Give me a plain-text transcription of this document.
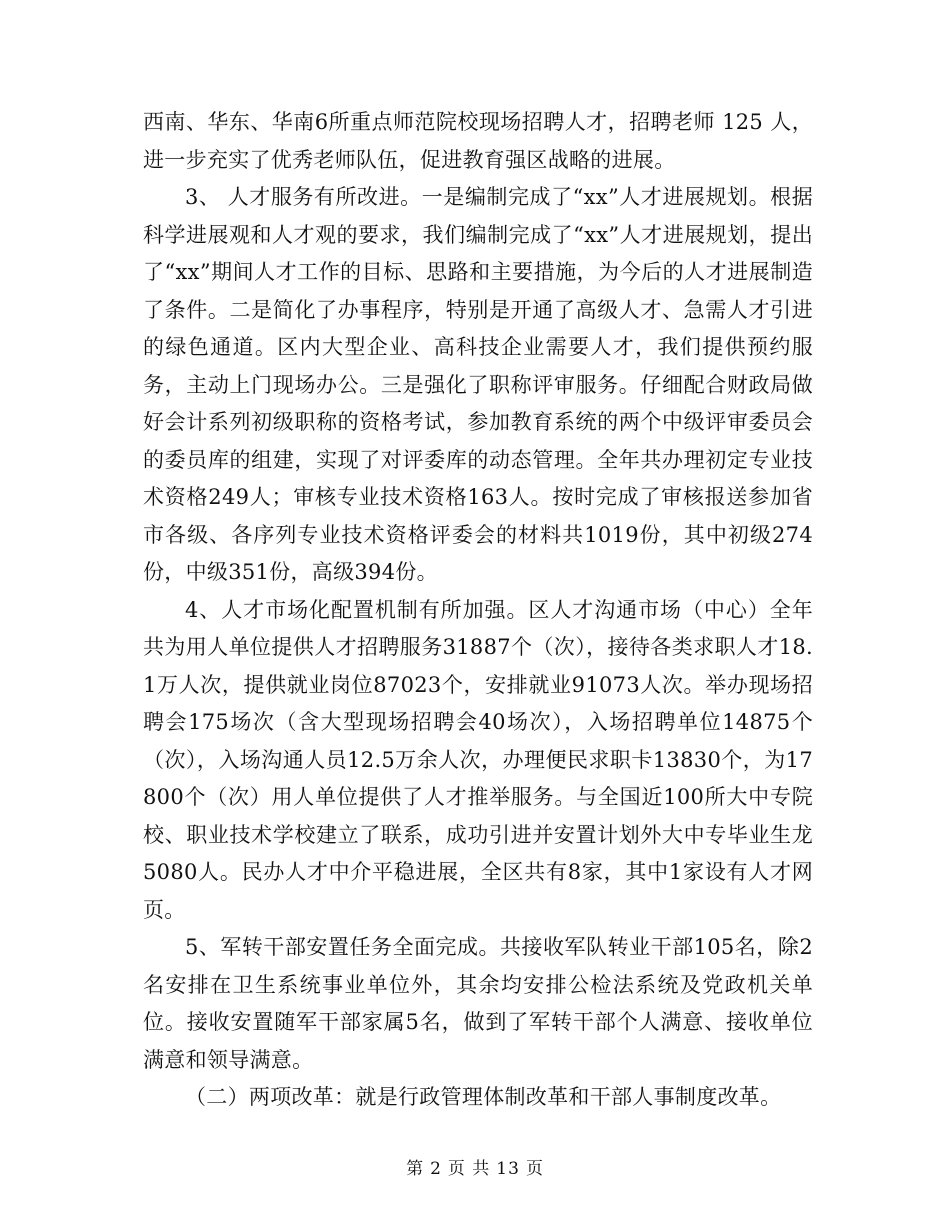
西南、华东、华南6所重点师范院校现场招聘人才，招聘老师 125 人，进一步充实了优秀老师队伍，促进教育强区战略的进展。

3、 人才服务有所改进。一是编制完成了“xx”人才进展规划。根据科学进展观和人才观的要求，我们编制完成了“xx”人才进展规划，提出了“xx”期间人才工作的目标、思路和主要措施，为今后的人才进展制造了条件。二是简化了办事程序，特别是开通了高级人才、急需人才引进的绿色通道。区内大型企业、高科技企业需要人才，我们提供预约服务，主动上门现场办公。三是强化了职称评审服务。仔细配合财政局做好会计系列初级职称的资格考试，参加教育系统的两个中级评审委员会的委员库的组建，实现了对评委库的动态管理。全年共办理初定专业技术资格249人；审核专业技术资格163人。按时完成了审核报送参加省市各级、各序列专业技术资格评委会的材料共1019份，其中初级274份，中级351份，高级394份。

4、人才市场化配置机制有所加强。区人才沟通市场（中心）全年共为用人单位提供人才招聘服务31887个（次），接待各类求职人才18.1万人次，提供就业岗位87023个，安排就业91073人次。举办现场招聘会175场次（含大型现场招聘会40场次），入场招聘单位14875个（次），入场沟通人员12.5万余人次，办理便民求职卡13830个，为17800个（次）用人单位提供了人才推举服务。与全国近100所大中专院校、职业技术学校建立了联系，成功引进并安置计划外大中专毕业生龙5080人。民办人才中介平稳进展，全区共有8家，其中1家设有人才网页。

5、军转干部安置任务全面完成。共接收军队转业干部105名，除2名安排在卫生系统事业单位外，其余均安排公检法系统及党政机关单位。接收安置随军干部家属5名，做到了军转干部个人满意、接收单位满意和领导满意。

（二）两项改革：就是行政管理体制改革和干部人事制度改革。

第 2 页 共 13 页
